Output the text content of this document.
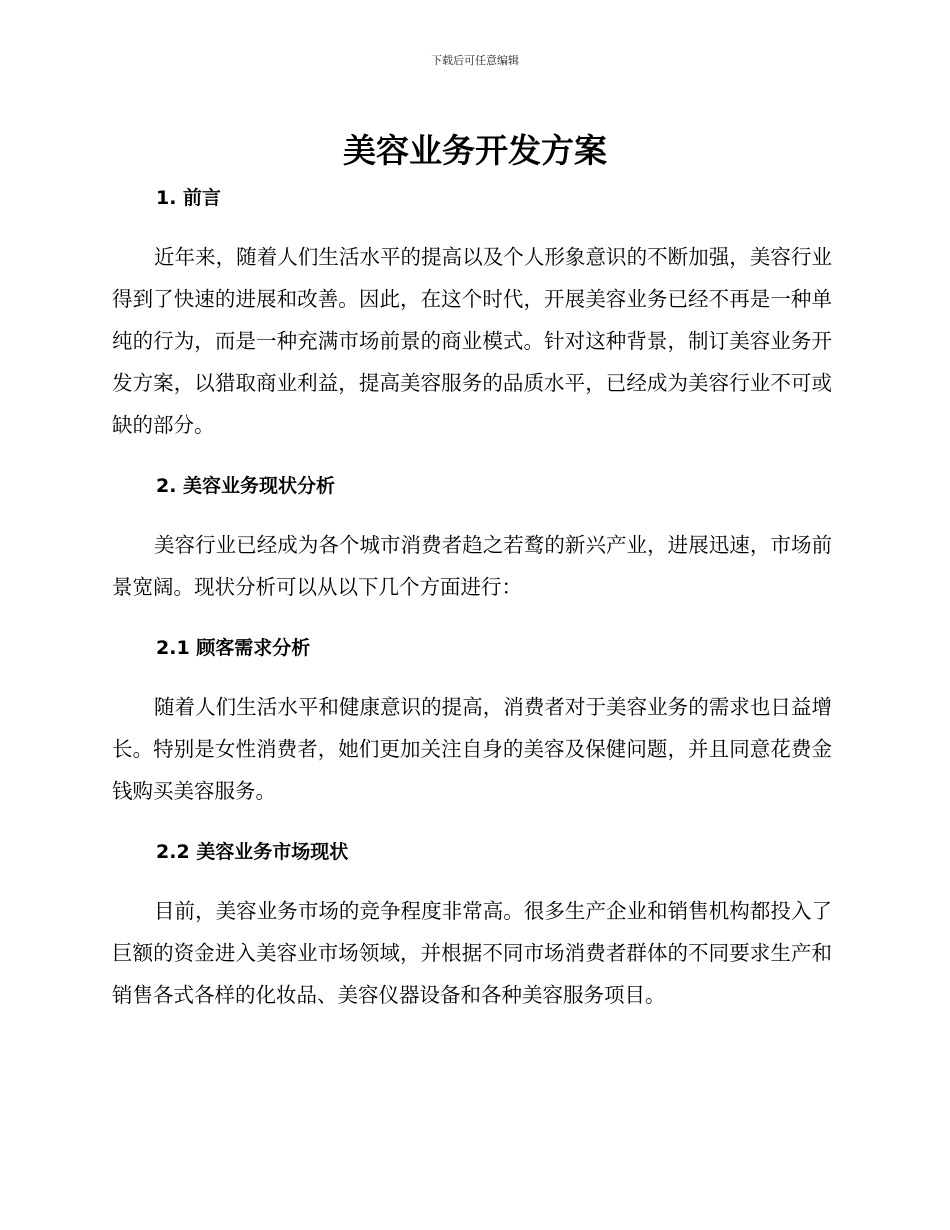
下载后可任意编辑
美容业务开发方案
1. 前言

近年来，随着人们生活水平的提高以及个人形象意识的不断加强，美容行业得到了快速的进展和改善。因此，在这个时代，开展美容业务已经不再是一种单纯的行为，而是一种充满市场前景的商业模式。针对这种背景，制订美容业务开发方案，以猎取商业利益，提高美容服务的品质水平，已经成为美容行业不可或缺的部分。

2. 美容业务现状分析

美容行业已经成为各个城市消费者趋之若鹜的新兴产业，进展迅速，市场前景宽阔。现状分析可以从以下几个方面进行：

2.1 顾客需求分析

随着人们生活水平和健康意识的提高，消费者对于美容业务的需求也日益增长。特别是女性消费者，她们更加关注自身的美容及保健问题，并且同意花费金钱购买美容服务。

2.2 美容业务市场现状

目前，美容业务市场的竞争程度非常高。很多生产企业和销售机构都投入了巨额的资金进入美容业市场领域，并根据不同市场消费者群体的不同要求生产和销售各式各样的化妆品、美容仪器设备和各种美容服务项目。
